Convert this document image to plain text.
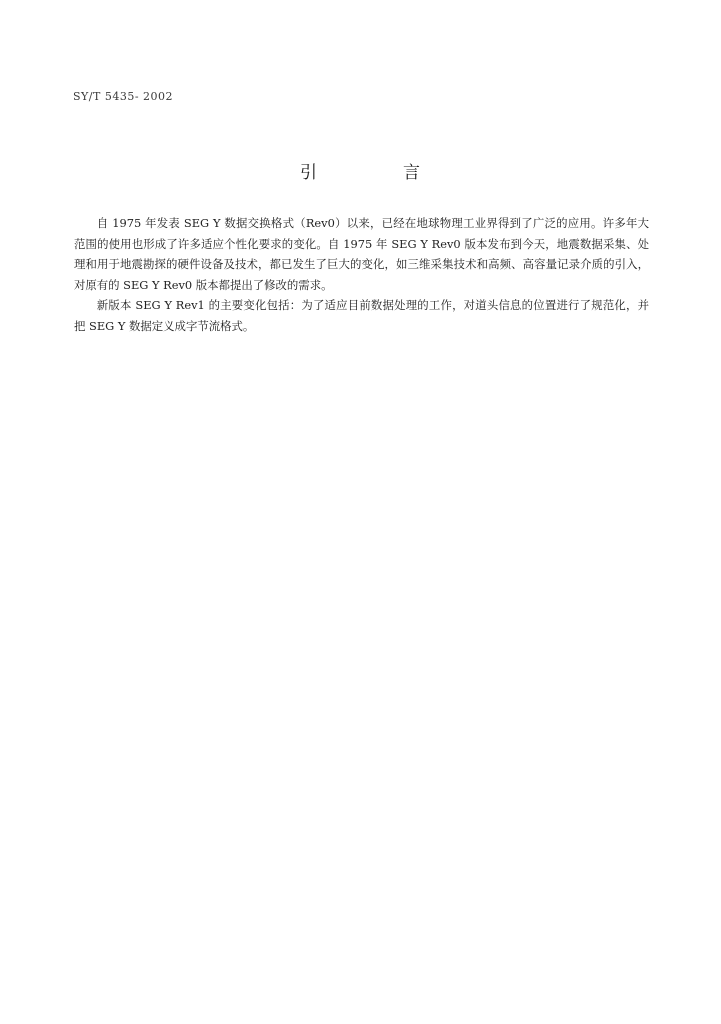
SY/T 5435- 2002
引	言

自 1975 年发表 SEG Y 数据交换格式（Rev0）以来，已经在地球物理工业界得到了广泛的应用。许多年大范围的使用也形成了许多适应个性化要求的变化。自 1975 年 SEG Y Rev0 版本发布到今天，地震数据采集、处理和用于地震勘探的硬件设备及技术，都已发生了巨大的变化，如三维采集技术和高频、高容量记录介质的引入，对原有的 SEG Y Rev0 版本都提出了修改的需求。

新版本 SEG Y Rev1 的主要变化包括：为了适应目前数据处理的工作，对道头信息的位置进行了规范化，并把 SEG Y 数据定义成字节流格式。
